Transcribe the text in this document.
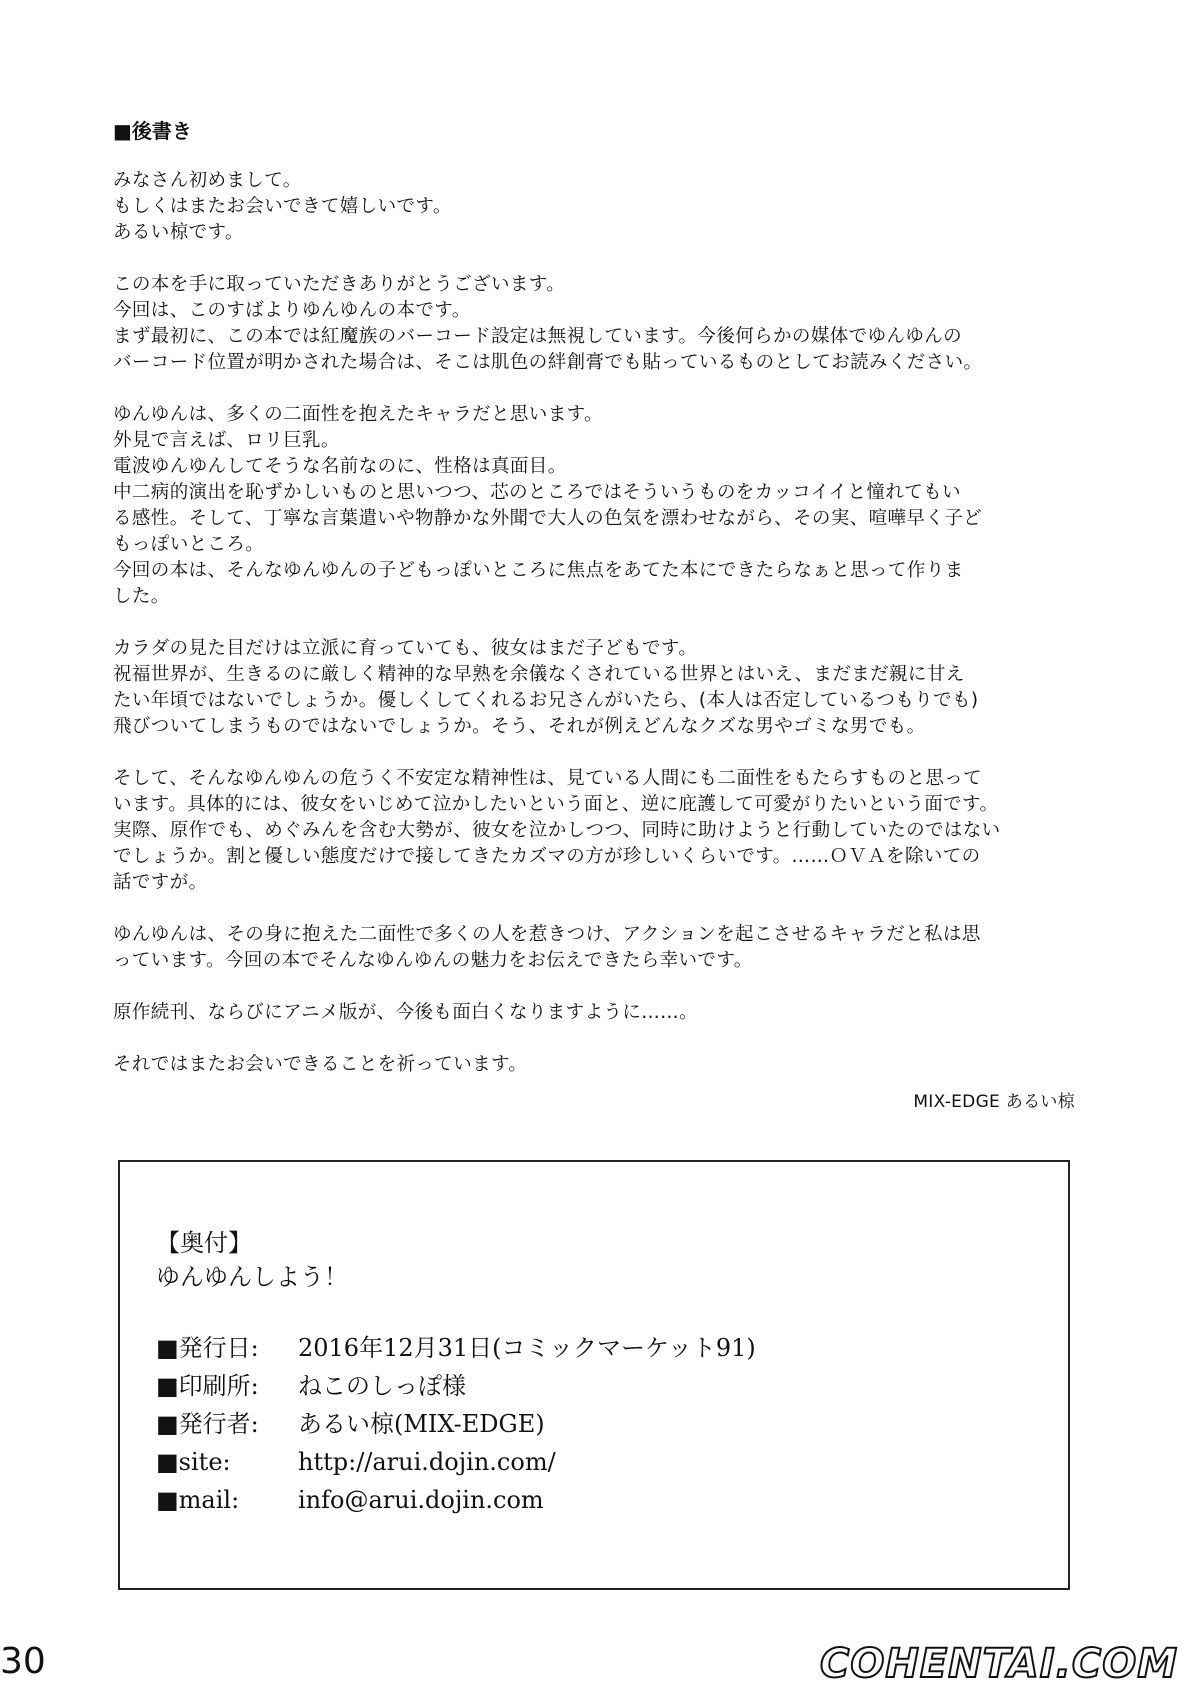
■後書き
みなさん初めまして。
もしくはまたお会いできて嬉しいです。
あるい椋です。
この本を手に取っていただきありがとうございます。
今回は、このすばよりゆんゆんの本です。
まず最初に、この本では紅魔族のバーコード設定は無視しています。今後何らかの媒体でゆんゆんの
バーコード位置が明かされた場合は、そこは肌色の絆創膏でも貼っているものとしてお読みください。
ゆんゆんは、多くの二面性を抱えたキャラだと思います。
外見で言えば、ロリ巨乳。
電波ゆんゆんしてそうな名前なのに、性格は真面目。
中二病的演出を恥ずかしいものと思いつつ、芯のところではそういうものをカッコイイと憧れてもい
る感性。そして、丁寧な言葉遣いや物静かな外聞で大人の色気を漂わせながら、その実、喧嘩早く子ど
もっぽいところ。
今回の本は、そんなゆんゆんの子どもっぽいところに焦点をあてた本にできたらなぁと思って作りま
した。
カラダの見た目だけは立派に育っていても、彼女はまだ子どもです。
祝福世界が、生きるのに厳しく精神的な早熟を余儀なくされている世界とはいえ、まだまだ親に甘え
たい年頃ではないでしょうか。優しくしてくれるお兄さんがいたら、(本人は否定しているつもりでも)
飛びついてしまうものではないでしょうか。そう、それが例えどんなクズな男やゴミな男でも。
そして、そんなゆんゆんの危うく不安定な精神性は、見ている人間にも二面性をもたらすものと思って
います。具体的には、彼女をいじめて泣かしたいという面と、逆に庇護して可愛がりたいという面です。
実際、原作でも、めぐみんを含む大勢が、彼女を泣かしつつ、同時に助けようと行動していたのではない
でしょうか。割と優しい態度だけで接してきたカズマの方が珍しいくらいです。……ＯＶＡを除いての
話ですが。
ゆんゆんは、その身に抱えた二面性で多くの人を惹きつけ、アクションを起こさせるキャラだと私は思
っています。今回の本でそんなゆんゆんの魅力をお伝えできたら幸いです。
原作続刊、ならびにアニメ版が、今後も面白くなりますように……。
それではまたお会いできることを祈っています。
MIX-EDGE あるい椋
【奥付】
ゆんゆんしよう！
■発行日:	2016年12月31日(コミックマーケット91)
■印刷所:	ねこのしっぽ様
■発行者:	あるい椋(MIX-EDGE)
■site:	http://arui.dojin.com/
■mail:	info@arui.dojin.com
30	COHENTAI.COM
